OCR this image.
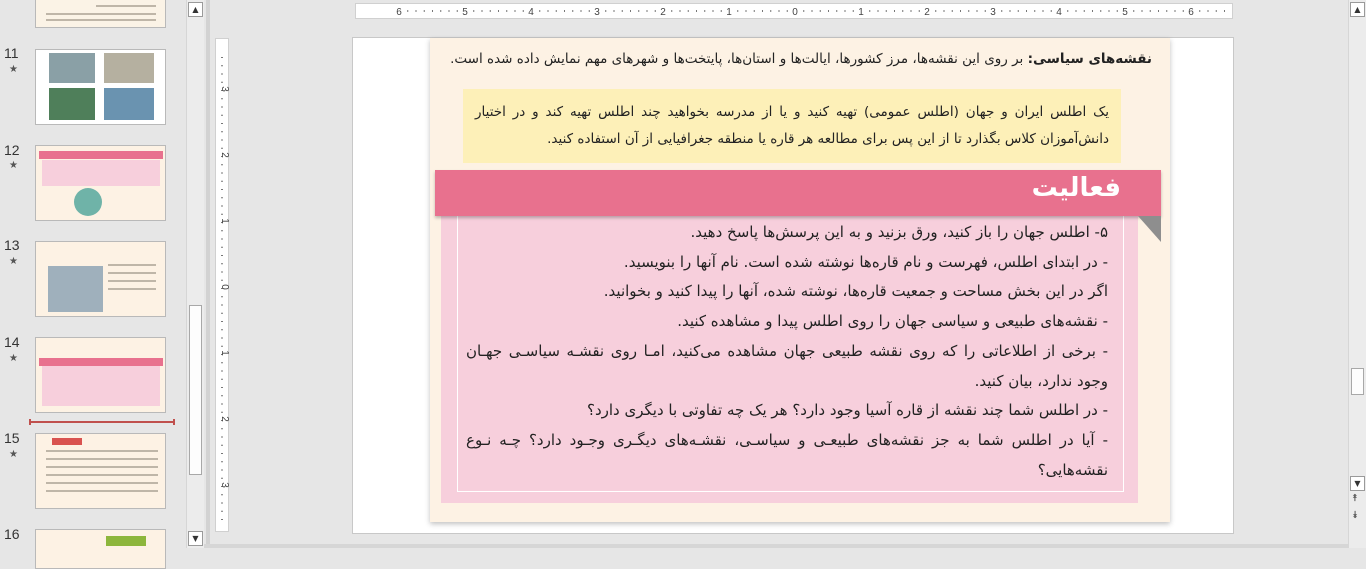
11
★
12
★
13
★
14
★
15
★
16
▲
▼
6	5	4	3	2	1	0	1	2	3	4	5	6
3
2
1
0
1
2
3
نقشه‌های سیاسی: بر روی این نقشه‌ها، مرز کشورها، ایالت‌ها و استان‌ها، پایتخت‌ها و شهرهای مهم نمایش داده شده است.
یک اطلس ایران و جهان (اطلس عمومی) تهیه کنید و یا از مدرسه بخواهید چند اطلس تهیه کند و در اختیار دانش‌آموزان کلاس بگذارد تا از این پس برای مطالعه هر قاره یا منطقه جغرافیایی از آن استفاده کنید.
۵- اطلس جهان را باز کنید، ورق بزنید و به این پرسش‌ها پاسخ دهید.
- در ابتدای اطلس، فهرست و نام قاره‌ها نوشته شده است. نام آنها را بنویسید.
اگر در این بخش مساحت و جمعیت قاره‌ها، نوشته شده، آنها را پیدا کنید و بخوانید.
- نقشه‌های طبیعی و سیاسی جهان را روی اطلس پیدا و مشاهده کنید.
- برخی از اطلاعاتی را که روی نقشه طبیعی جهان مشاهده می‌کنید، امـا روی نقشـه سیاسـی جهـان وجود ندارد، بیان کنید.
- در اطلس شما چند نقشه از قاره آسیا وجود دارد؟ هر یک چه تفاوتی با دیگری دارد؟
- آیا در اطلس شما به جز نقشه‌های طبیعـی و سیاسـی، نقشـه‌های دیگـری وجـود دارد؟ چـه نـوع نقشه‌هایی؟
فعالیت
▲
▼
⯭
⯯
